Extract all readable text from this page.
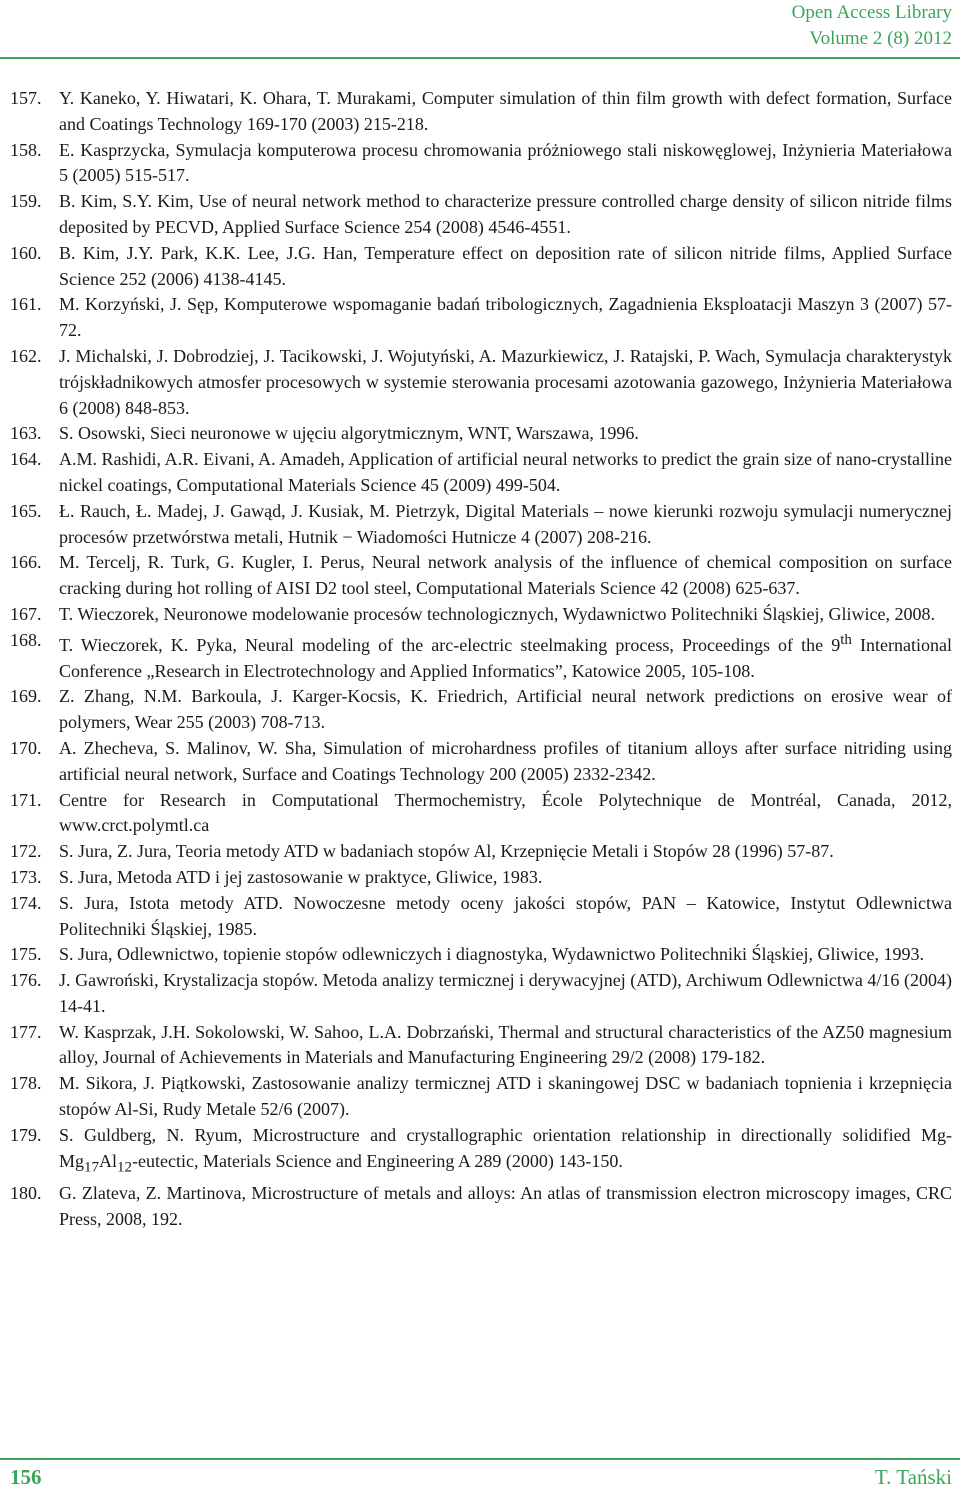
Open Access Library
Volume 2 (8) 2012
157. Y. Kaneko, Y. Hiwatari, K. Ohara, T. Murakami, Computer simulation of thin film growth with defect formation, Surface and Coatings Technology 169-170 (2003) 215-218.
158. E. Kasprzycka, Symulacja komputerowa procesu chromowania próżniowego stali niskowęglowej, Inżynieria Materiałowa 5 (2005) 515-517.
159. B. Kim, S.Y. Kim, Use of neural network method to characterize pressure controlled charge density of silicon nitride films deposited by PECVD, Applied Surface Science 254 (2008) 4546-4551.
160. B. Kim, J.Y. Park, K.K. Lee, J.G. Han, Temperature effect on deposition rate of silicon nitride films, Applied Surface Science 252 (2006) 4138-4145.
161. M. Korzyński, J. Sęp, Komputerowe wspomaganie badań tribologicznych, Zagadnienia Eksploatacji Maszyn 3 (2007) 57-72.
162. J. Michalski, J. Dobrodziej, J. Tacikowski, J. Wojutyński, A. Mazurkiewicz, J. Ratajski, P. Wach, Symulacja charakterystyk trójskładnikowych atmosfer procesowych w systemie sterowania procesami azotowania gazowego, Inżynieria Materiałowa 6 (2008) 848-853.
163. S. Osowski, Sieci neuronowe w ujęciu algorytmicznym, WNT, Warszawa, 1996.
164. A.M. Rashidi, A.R. Eivani, A. Amadeh, Application of artificial neural networks to predict the grain size of nano-crystalline nickel coatings, Computational Materials Science 45 (2009) 499-504.
165. Ł. Rauch, Ł. Madej, J. Gawąd, J. Kusiak, M. Pietrzyk, Digital Materials – nowe kierunki rozwoju symulacji numerycznej procesów przetwórstwa metali, Hutnik − Wiadomości Hutnicze 4 (2007) 208-216.
166. M. Tercelj, R. Turk, G. Kugler, I. Perus, Neural network analysis of the influence of chemical composition on surface cracking during hot rolling of AISI D2 tool steel, Computational Materials Science 42 (2008) 625-637.
167. T. Wieczorek, Neuronowe modelowanie procesów technologicznych, Wydawnictwo Politechniki Śląskiej, Gliwice, 2008.
168. T. Wieczorek, K. Pyka, Neural modeling of the arc-electric steelmaking process, Proceedings of the 9th International Conference „Research in Electrotechnology and Applied Informatics”, Katowice 2005, 105-108.
169. Z. Zhang, N.M. Barkoula, J. Karger-Kocsis, K. Friedrich, Artificial neural network predictions on erosive wear of polymers, Wear 255 (2003) 708-713.
170. A. Zhecheva, S. Malinov, W. Sha, Simulation of microhardness profiles of titanium alloys after surface nitriding using artificial neural network, Surface and Coatings Technology 200 (2005) 2332-2342.
171. Centre for Research in Computational Thermochemistry, École Polytechnique de Montréal, Canada, 2012, www.crct.polymtl.ca
172. S. Jura, Z. Jura, Teoria metody ATD w badaniach stopów Al, Krzepnięcie Metali i Stopów 28 (1996) 57-87.
173. S. Jura, Metoda ATD i jej zastosowanie w praktyce, Gliwice, 1983.
174. S. Jura, Istota metody ATD. Nowoczesne metody oceny jakości stopów, PAN – Katowice, Instytut Odlewnictwa Politechniki Śląskiej, 1985.
175. S. Jura, Odlewnictwo, topienie stopów odlewniczych i diagnostyka, Wydawnictwo Politechniki Śląskiej, Gliwice, 1993.
176. J. Gawroński, Krystalizacja stopów. Metoda analizy termicznej i derywacyjnej (ATD), Archiwum Odlewnictwa 4/16 (2004) 14-41.
177. W. Kasprzak, J.H. Sokolowski, W. Sahoo, L.A. Dobrzański, Thermal and structural characteristics of the AZ50 magnesium alloy, Journal of Achievements in Materials and Manufacturing Engineering 29/2 (2008) 179-182.
178. M. Sikora, J. Piątkowski, Zastosowanie analizy termicznej ATD i skaningowej DSC w badaniach topnienia i krzepnięcia stopów Al-Si, Rudy Metale 52/6 (2007).
179. S. Guldberg, N. Ryum, Microstructure and crystallographic orientation relationship in directionally solidified $Mg-Mg_{17}Al_{12}$-eutectic, Materials Science and Engineering A 289 (2000) 143-150.
180. G. Zlateva, Z. Martinova, Microstructure of metals and alloys: An atlas of transmission electron microscopy images, CRC Press, 2008, 192.
156	T. Tański
